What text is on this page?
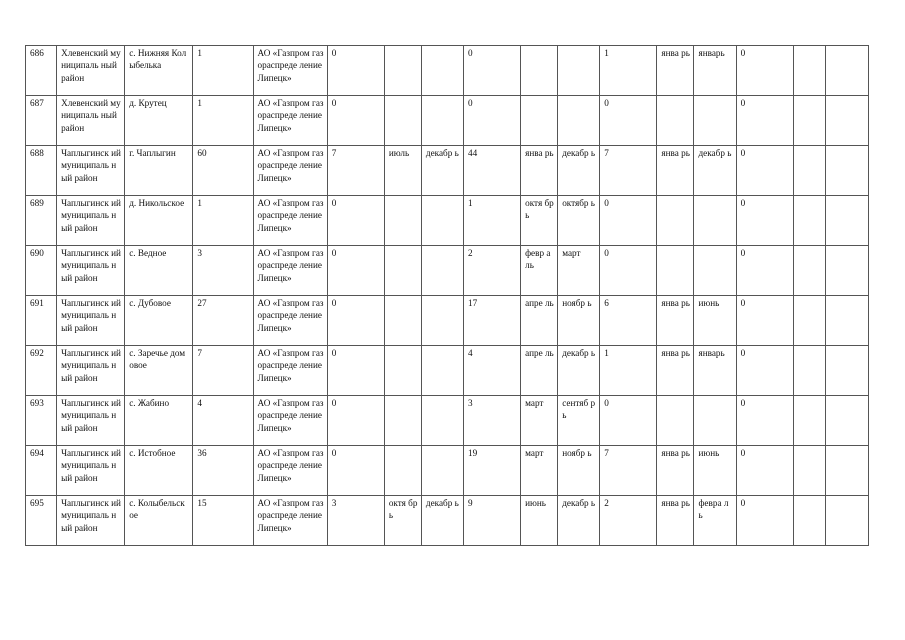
686	Хлевенский муниципаль ный район	с. Нижняя Колыбелька	1	АО «Газпром газораспреде ление Липецк»	0			0			1	янва рь	январь	0		
687	Хлевенский муниципаль ный район	д. Крутец	1	АО «Газпром газораспреде ление Липецк»	0			0			0			0		
688	Чаплыгинск ий муниципаль ный район	г. Чаплыгин	60	АО «Газпром газораспреде ление Липецк»	7	июль	декабр ь	44	янва рь	декабр ь	7	янва рь	декабр ь	0		
689	Чаплыгинск ий муниципаль ный район	д. Никольское	1	АО «Газпром газораспреде ление Липецк»	0			1	октя брь	октябр ь	0			0		
690	Чаплыгинск ий муниципаль ный район	с. Ведное	3	АО «Газпром газораспреде ление Липецк»	0			2	февр аль	март	0			0		
691	Чаплыгинск ий муниципаль ный район	с. Дубовое	27	АО «Газпром газораспреде ление Липецк»	0			17	апре ль	ноябр ь	6	янва рь	июнь	0		
692	Чаплыгинск ий муниципаль ный район	с. Заречье домовое	7	АО «Газпром газораспреде ление Липецк»	0			4	апре ль	декабр ь	1	янва рь	январь	0		
693	Чаплыгинск ий муниципаль ный район	с. Жабино	4	АО «Газпром газораспреде ление Липецк»	0			3	март	сентяб рь	0			0		
694	Чаплыгинск ий муниципаль ный район	с. Истобное	36	АО «Газпром газораспреде ление Липецк»	0			19	март	ноябр ь	7	янва рь	июнь	0		
695	Чаплыгинск ий муниципаль ный район	с. Колыбельск ое	15	АО «Газпром газораспреде ление Липецк»	3	октя брь	декабр ь	9	июнь	декабр ь	2	янва рь	февра ль	0		
